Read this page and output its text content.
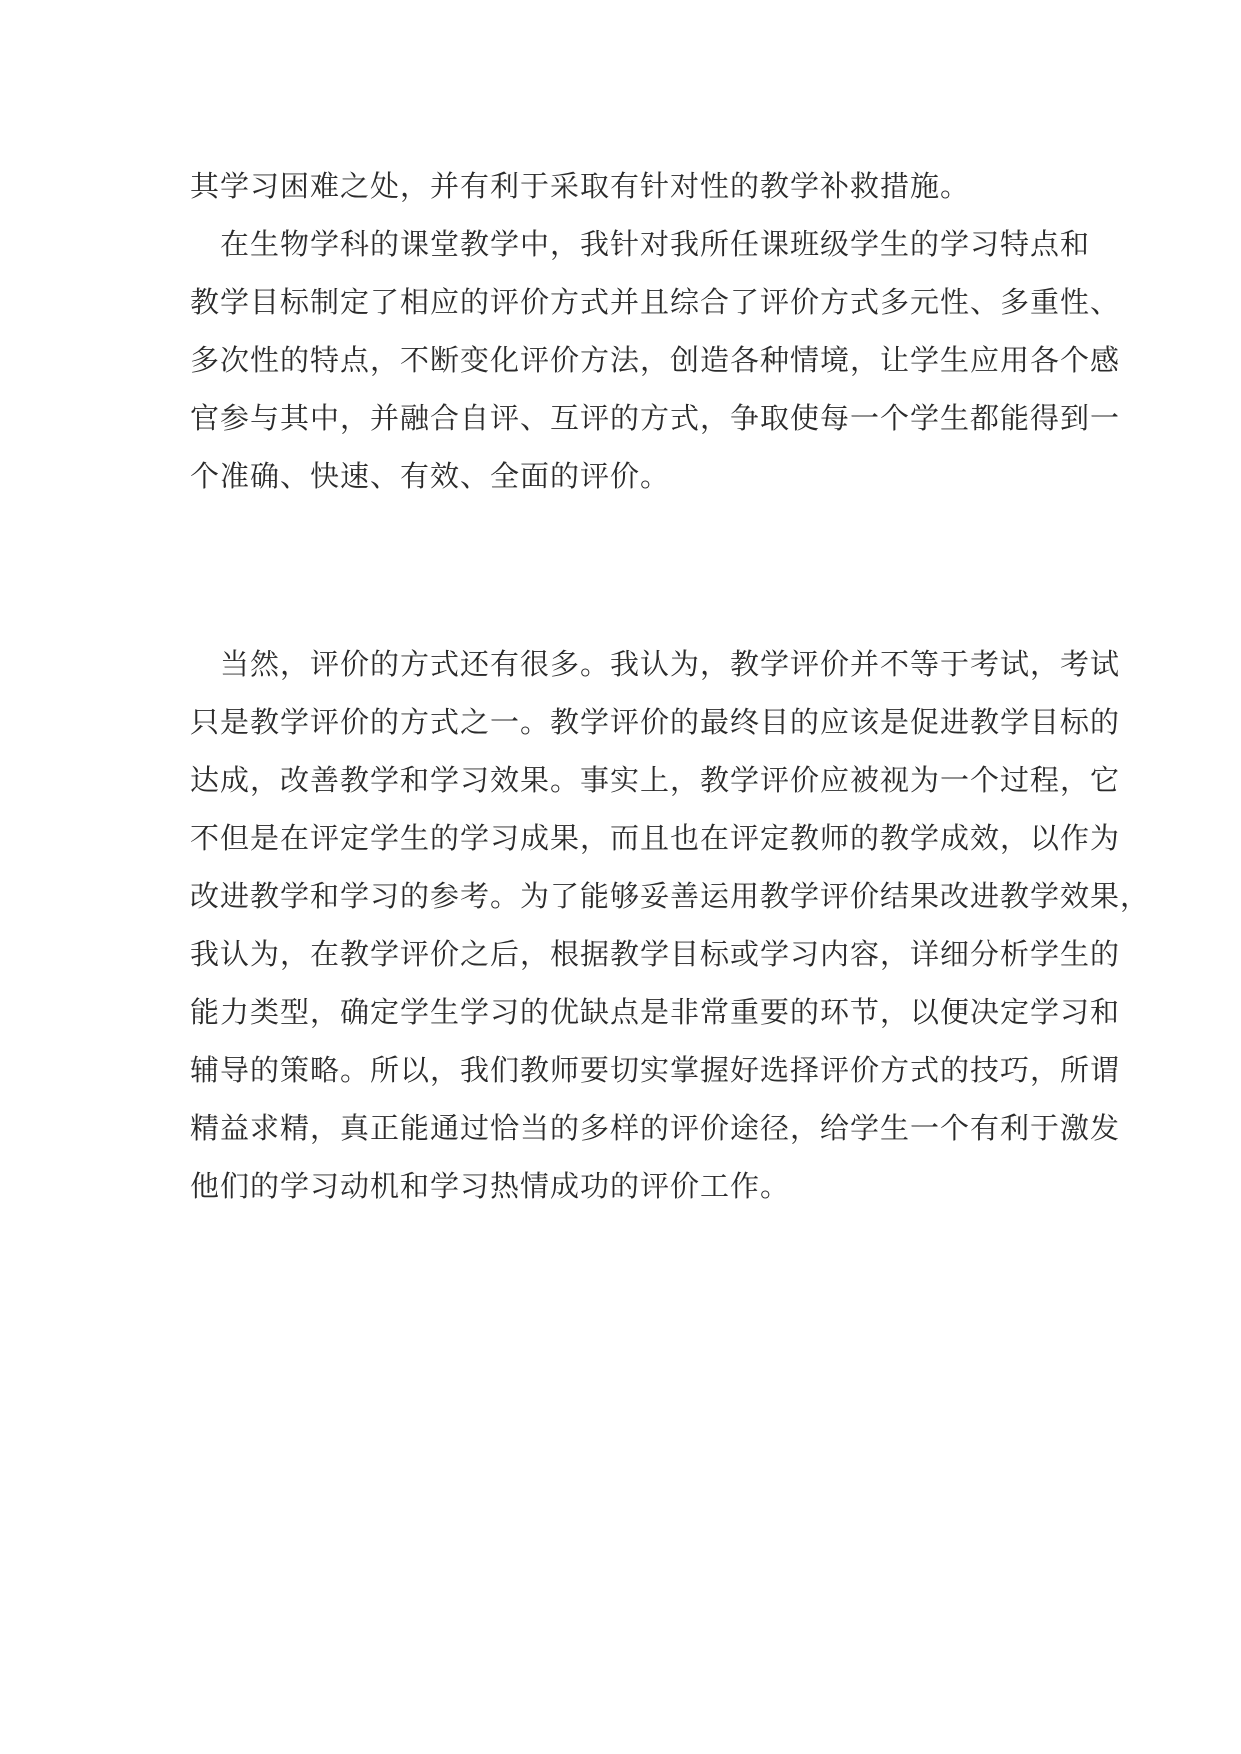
其学习困难之处，并有利于采取有针对性的教学补救措施。
　在生物学科的课堂教学中，我针对我所任课班级学生的学习特点和
教学目标制定了相应的评价方式并且综合了评价方式多元性、多重性、
多次性的特点，不断变化评价方法，创造各种情境，让学生应用各个感
官参与其中，并融合自评、互评的方式，争取使每一个学生都能得到一
个准确、快速、有效、全面的评价。
　当然，评价的方式还有很多。我认为，教学评价并不等于考试，考试
只是教学评价的方式之一。教学评价的最终目的应该是促进教学目标的
达成，改善教学和学习效果。事实上，教学评价应被视为一个过程，它
不但是在评定学生的学习成果，而且也在评定教师的教学成效，以作为
改进教学和学习的参考。为了能够妥善运用教学评价结果改进教学效果，
我认为，在教学评价之后，根据教学目标或学习内容，详细分析学生的
能力类型，确定学生学习的优缺点是非常重要的环节，以便决定学习和
辅导的策略。所以，我们教师要切实掌握好选择评价方式的技巧，所谓
精益求精，真正能通过恰当的多样的评价途径，给学生一个有利于激发
他们的学习动机和学习热情成功的评价工作。
